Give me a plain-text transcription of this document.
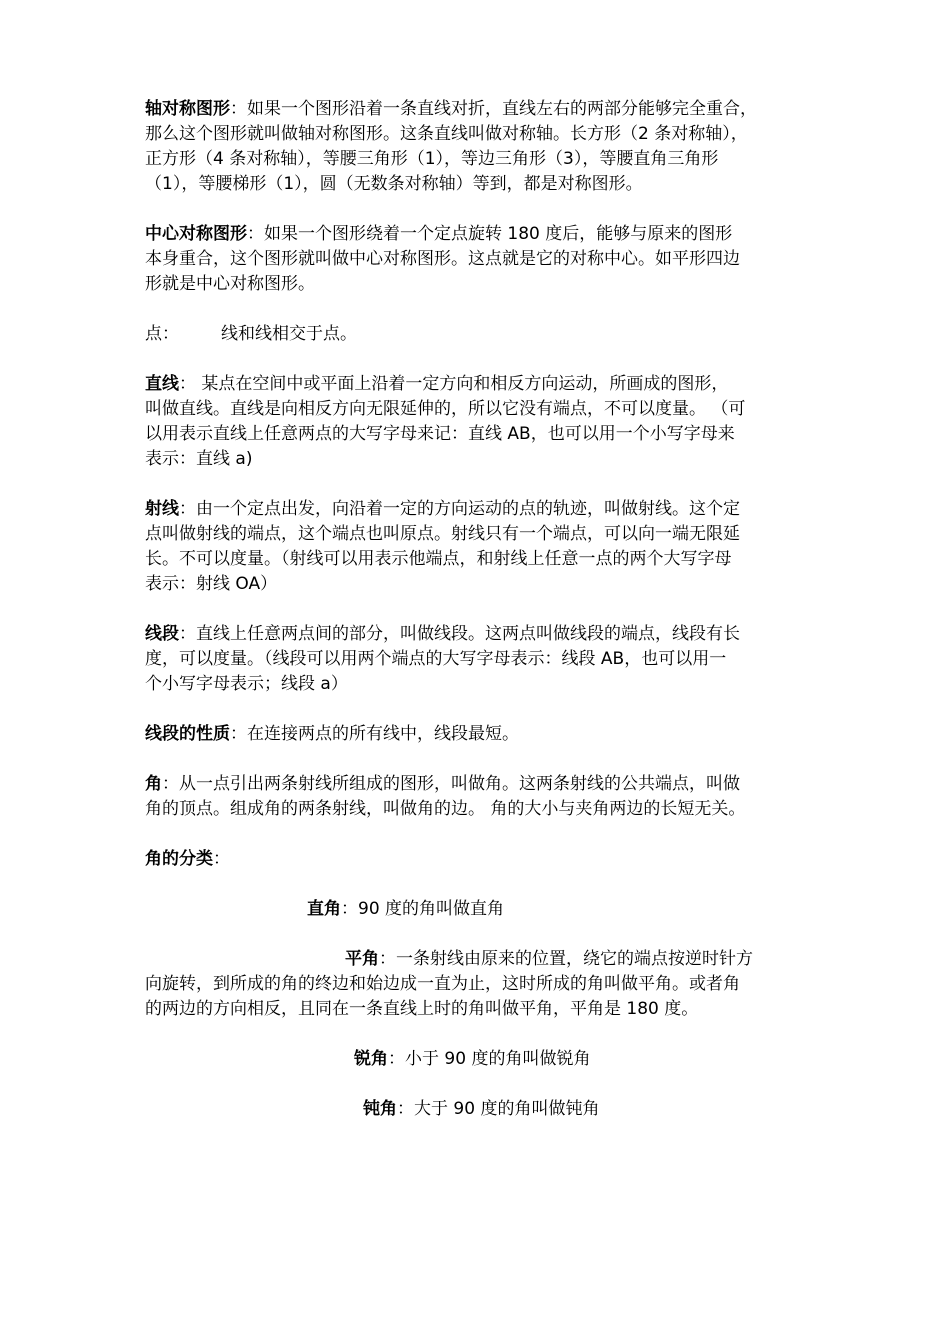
轴对称图形：如果一个图形沿着一条直线对折，直线左右的两部分能够完全重合，
那么这个图形就叫做轴对称图形。这条直线叫做对称轴。长方形（2 条对称轴），
正方形（4 条对称轴），等腰三角形（1），等边三角形（3），等腰直角三角形
（1），等腰梯形（1），圆（无数条对称轴）等到，都是对称图形。
中心对称图形：如果一个图形绕着一个定点旋转 180 度后，能够与原来的图形
本身重合，这个图形就叫做中心对称图形。这点就是它的对称中心。如平形四边
形就是中心对称图形。
点： 线和线相交于点。
直线： 某点在空间中或平面上沿着一定方向和相反方向运动，所画成的图形，
叫做直线。直线是向相反方向无限延伸的，所以它没有端点，不可以度量。 （可
以用表示直线上任意两点的大写字母来记：直线 AB，也可以用一个小写字母来
表示：直线 a)
射线：由一个定点出发，向沿着一定的方向运动的点的轨迹，叫做射线。这个定
点叫做射线的端点，这个端点也叫原点。射线只有一个端点，可以向一端无限延
长。不可以度量。（射线可以用表示他端点，和射线上任意一点的两个大写字母
表示：射线 OA）
线段：直线上任意两点间的部分，叫做线段。这两点叫做线段的端点，线段有长
度，可以度量。（线段可以用两个端点的大写字母表示：线段 AB，也可以用一
个小写字母表示；线段 a）
线段的性质：在连接两点的所有线中，线段最短。
角：从一点引出两条射线所组成的图形，叫做角。这两条射线的公共端点，叫做
角的顶点。组成角的两条射线，叫做角的边。 角的大小与夹角两边的长短无关。
角的分类：
直角：90 度的角叫做直角
平角：一条射线由原来的位置，绕它的端点按逆时针方
向旋转，到所成的角的终边和始边成一直为止，这时所成的角叫做平角。或者角
的两边的方向相反，且同在一条直线上时的角叫做平角，平角是 180 度。
锐角：小于 90 度的角叫做锐角
钝角：大于 90 度的角叫做钝角
